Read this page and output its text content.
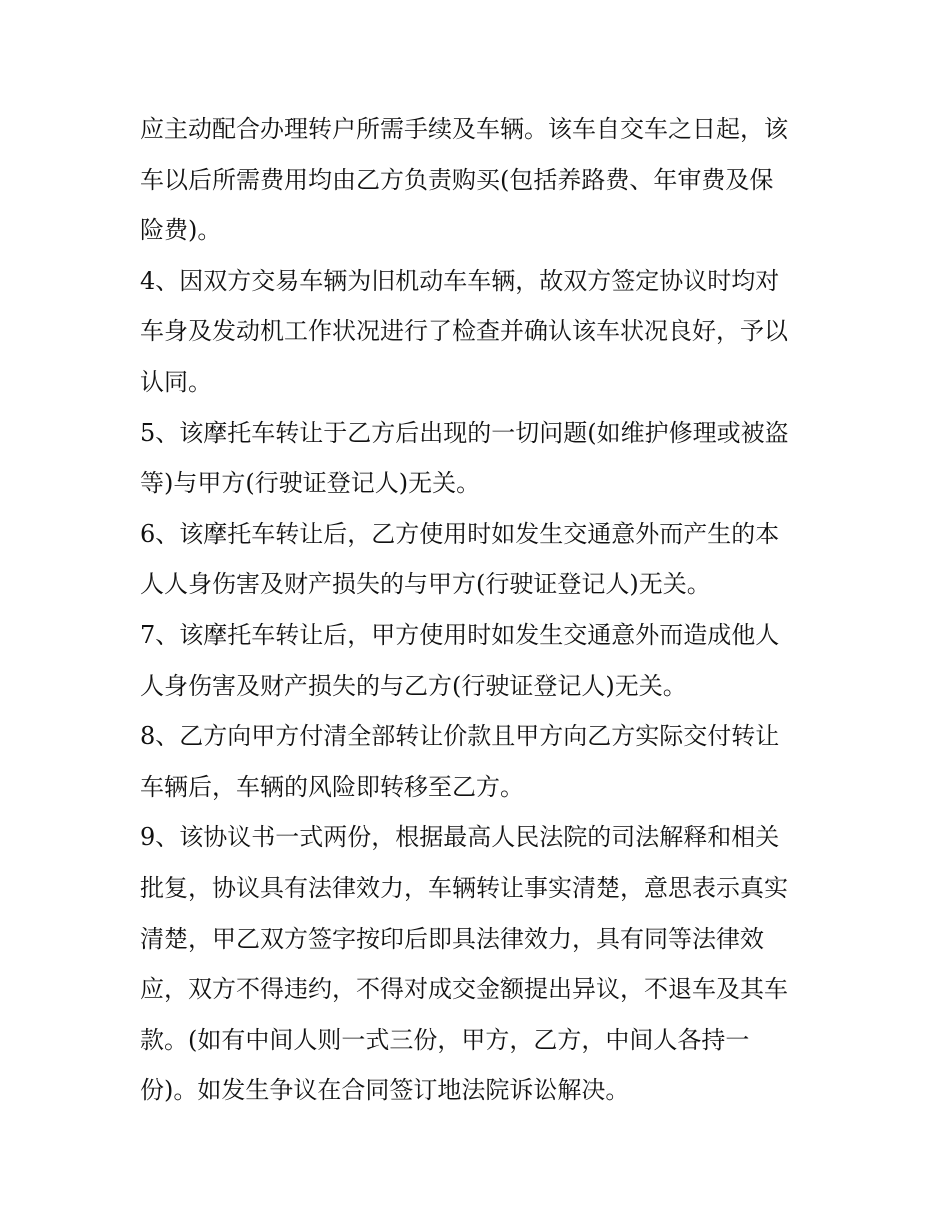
应主动配合办理转户所需手续及车辆。该车自交车之日起，该
车以后所需费用均由乙方负责购买(包括养路费、年审费及保
险费)。
4、因双方交易车辆为旧机动车车辆，故双方签定协议时均对
车身及发动机工作状况进行了检查并确认该车状况良好，予以
认同。
5、该摩托车转让于乙方后出现的一切问题(如维护修理或被盗
等)与甲方(行驶证登记人)无关。
6、该摩托车转让后，乙方使用时如发生交通意外而产生的本
人人身伤害及财产损失的与甲方(行驶证登记人)无关。
7、该摩托车转让后，甲方使用时如发生交通意外而造成他人
人身伤害及财产损失的与乙方(行驶证登记人)无关。
8、乙方向甲方付清全部转让价款且甲方向乙方实际交付转让
车辆后，车辆的风险即转移至乙方。
9、该协议书一式两份，根据最高人民法院的司法解释和相关
批复，协议具有法律效力，车辆转让事实清楚，意思表示真实
清楚，甲乙双方签字按印后即具法律效力，具有同等法律效
应，双方不得违约，不得对成交金额提出异议，不退车及其车
款。(如有中间人则一式三份，甲方，乙方，中间人各持一
份)。如发生争议在合同签订地法院诉讼解决。
